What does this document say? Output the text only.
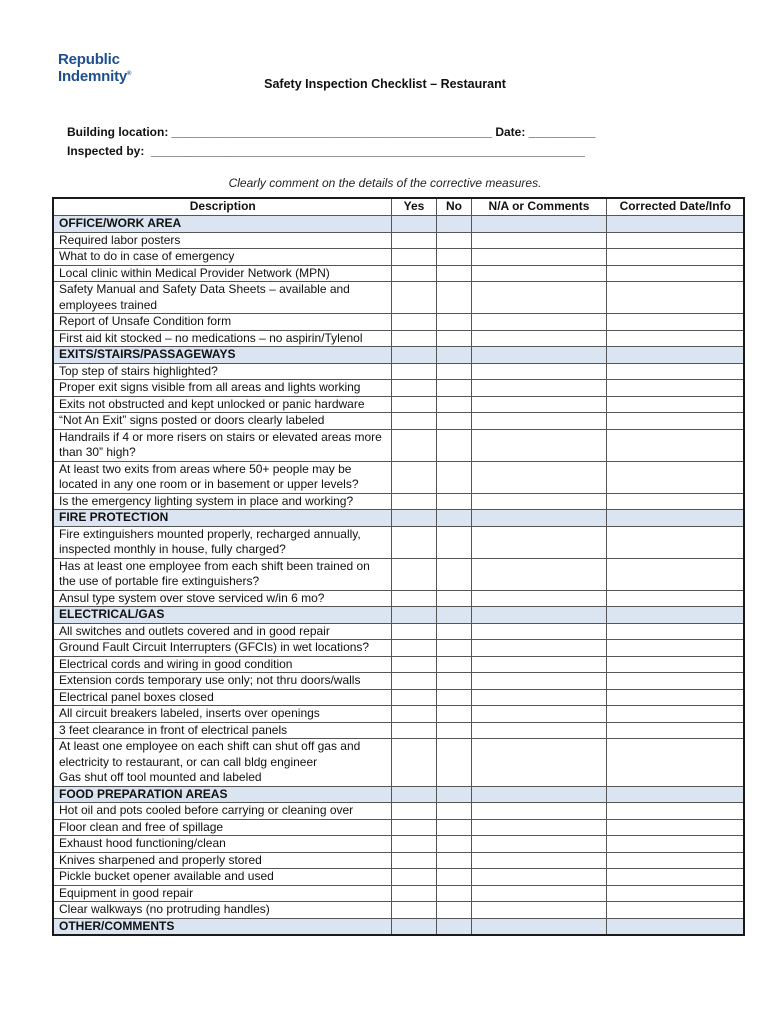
Republic
Indemnity®
Safety Inspection Checklist – Restaurant
Building location: ________________________________________________ Date: __________
Inspected by:  _________________________________________________________________
Clearly comment on the details of the corrective measures.
Description	Yes	No	N/A or Comments	Corrected Date/Info
OFFICE/WORK AREA				
Required labor posters				
What to do in case of emergency				
Local clinic within Medical Provider Network (MPN)				
Safety Manual and Safety Data Sheets – available and employees trained				
Report of Unsafe Condition form				
First aid kit stocked – no medications – no aspirin/Tylenol				
EXITS/STAIRS/PASSAGEWAYS				
Top step of stairs highlighted?				
Proper exit signs visible from all areas and lights working				
Exits not obstructed and kept unlocked or panic hardware				
“Not An Exit” signs posted or doors clearly labeled				
Handrails if 4 or more risers on stairs or elevated areas more than 30” high?				
At least two exits from areas where 50+ people may be located in any one room or in basement or upper levels?				
Is the emergency lighting system in place and working?				
FIRE PROTECTION				
Fire extinguishers mounted properly, recharged annually, inspected monthly in house, fully charged?				
Has at least one employee from each shift been trained on the use of portable fire extinguishers?				
Ansul type system over stove serviced w/in 6 mo?				
ELECTRICAL/GAS				
All switches and outlets covered and in good repair				
Ground Fault Circuit Interrupters (GFCIs) in wet locations?				
Electrical cords and wiring in good condition				
Extension cords temporary use only; not thru doors/walls				
Electrical panel boxes closed				
All circuit breakers labeled, inserts over openings				
3 feet clearance in front of electrical panels				
At least one employee on each shift can shut off gas and electricity to restaurant, or can call bldg engineer
Gas shut off tool mounted and labeled				
FOOD PREPARATION AREAS				
Hot oil and pots cooled before carrying or cleaning over				
Floor clean and free of spillage				
Exhaust hood functioning/clean				
Knives sharpened and properly stored				
Pickle bucket opener available and used				
Equipment in good repair				
Clear walkways (no protruding handles)				
OTHER/COMMENTS				
